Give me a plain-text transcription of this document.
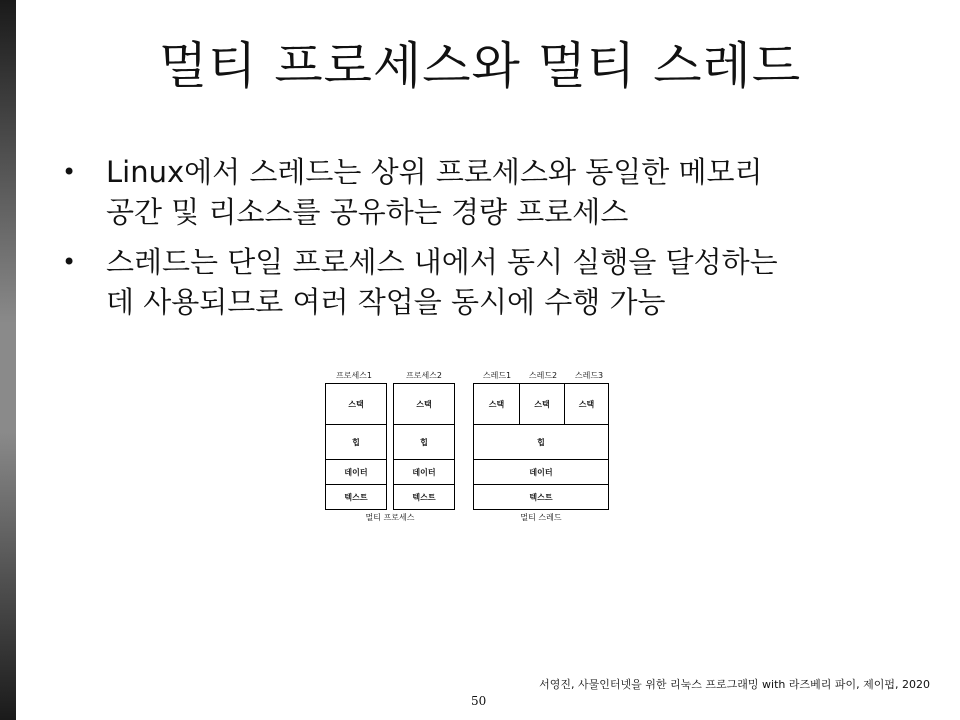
멀티 프로세스와 멀티 스레드
• Linux에서 스레드는 상위 프로세스와 동일한 메모리
공간 및 리소스를 공유하는 경량 프로세스
• 스레드는 단일 프로세스 내에서 동시 실행을 달성하는
데 사용되므로 여러 작업을 동시에 수행 가능
프로세스1
스택
힙
데이터
텍스트
프로세스2
스택
힙
데이터
텍스트
멀티 프로세스
스레드1	스레드2	스레드3
스택	스택	스택
힙
데이터
텍스트
멀티 스레드
서영진, 사물인터넷을 위한 리눅스 프로그래밍 with 라즈베리 파이, 제이펍, 2020
50
